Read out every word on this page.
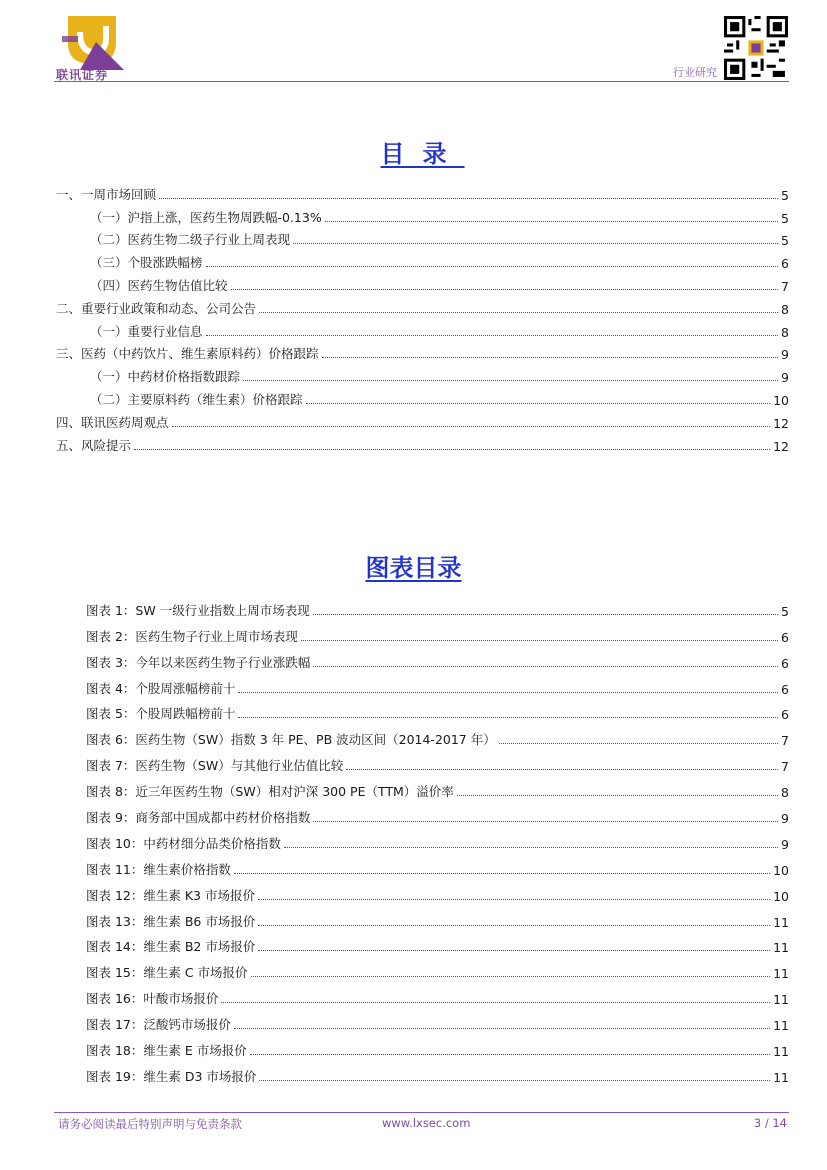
联讯证券	行业研究
目录
一、一周市场回顾	5
（一）沪指上涨，医药生物周跌幅-0.13%	5
（二）医药生物二级子行业上周表现	5
（三）个股涨跌幅榜	6
（四）医药生物估值比较	7
二、重要行业政策和动态、公司公告	8
（一）重要行业信息	8
三、医药（中药饮片、维生素原料药）价格跟踪	9
（一）中药材价格指数跟踪	9
（二）主要原料药（维生素）价格跟踪	10
四、联讯医药周观点	12
五、风险提示	12
图表目录
图表 1：SW 一级行业指数上周市场表现	5
图表 2：医药生物子行业上周市场表现	6
图表 3：今年以来医药生物子行业涨跌幅	6
图表 4：个股周涨幅榜前十	6
图表 5：个股周跌幅榜前十	6
图表 6：医药生物（SW）指数 3 年 PE、PB 波动区间（2014-2017 年）	7
图表 7：医药生物（SW）与其他行业估值比较	7
图表 8：近三年医药生物（SW）相对沪深 300 PE（TTM）溢价率	8
图表 9：商务部中国成都中药材价格指数	9
图表 10：中药材细分品类价格指数	9
图表 11：维生素价格指数	10
图表 12：维生素 K3 市场报价	10
图表 13：维生素 B6 市场报价	11
图表 14：维生素 B2 市场报价	11
图表 15：维生素 C 市场报价	11
图表 16：叶酸市场报价	11
图表 17：泛酸钙市场报价	11
图表 18：维生素 E 市场报价	11
图表 19：维生素 D3 市场报价	11
请务必阅读最后特别声明与免责条款	www.lxsec.com	3 / 14
